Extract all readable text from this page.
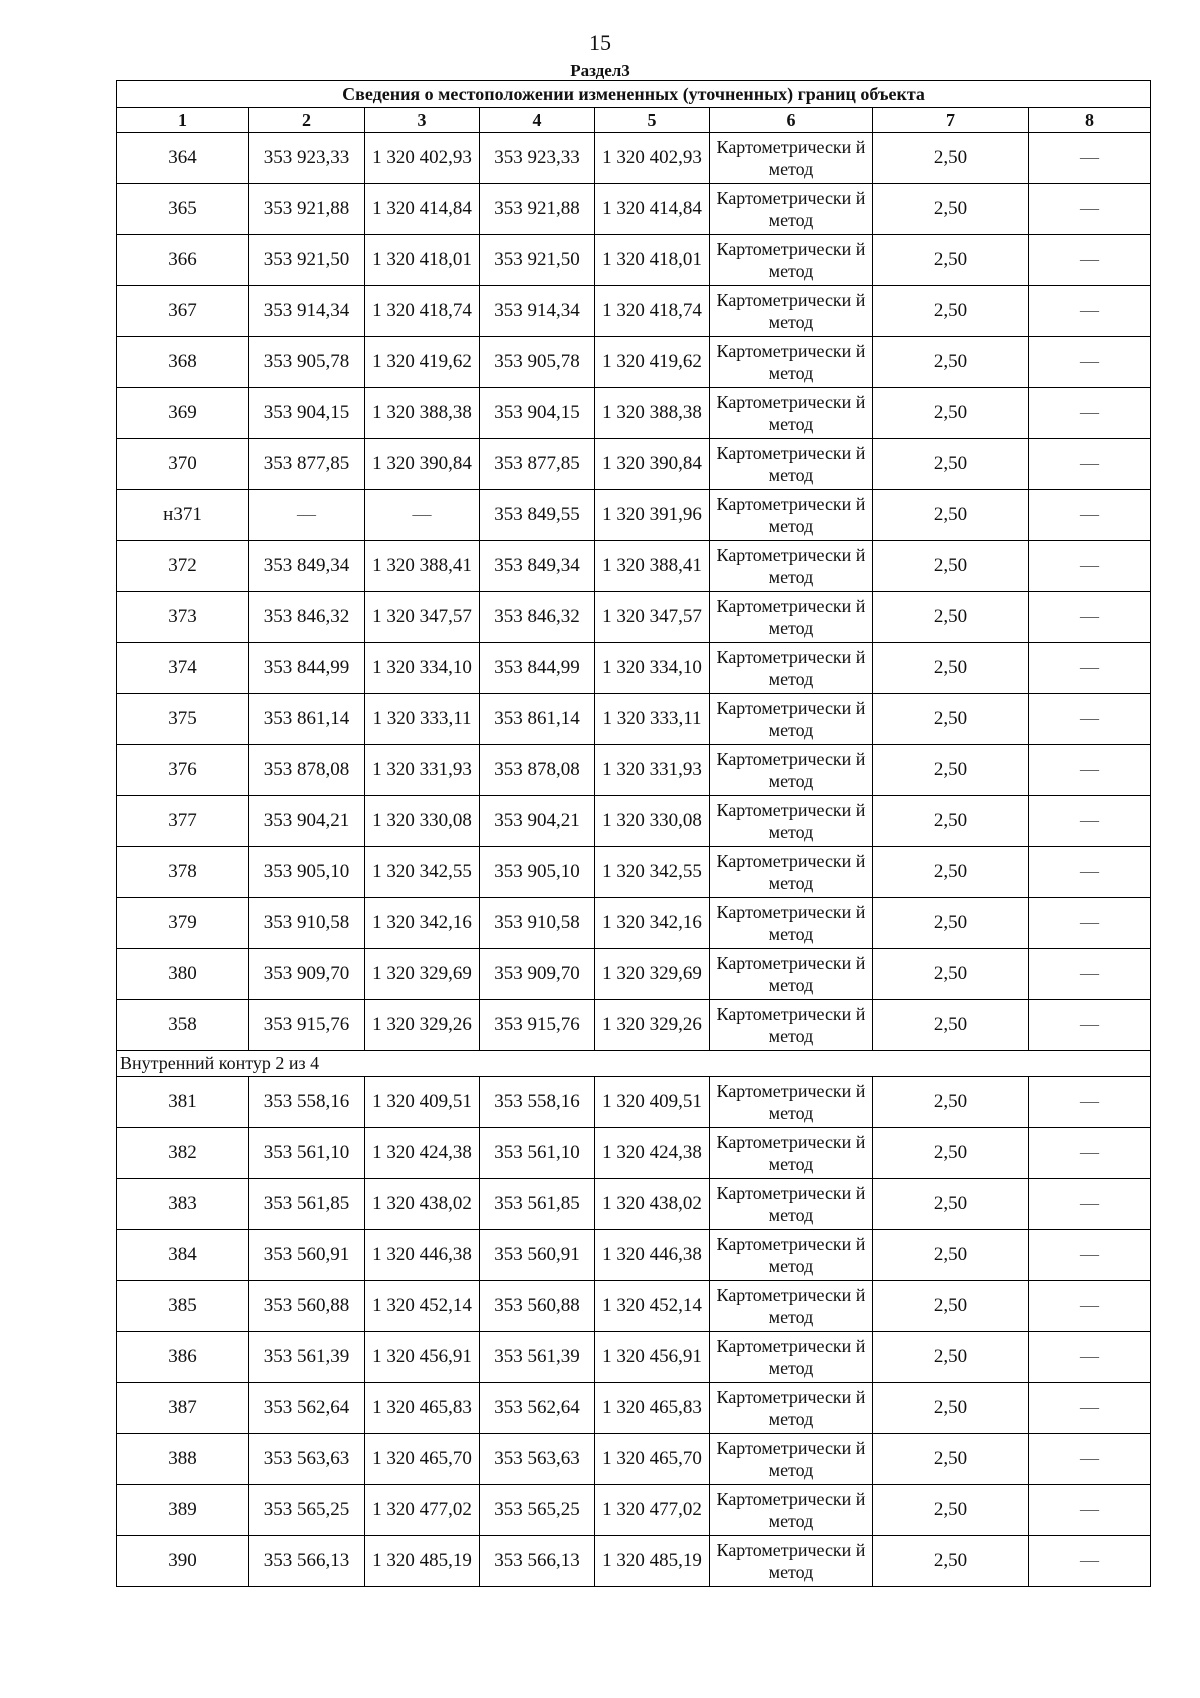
15
Раздел3
Сведения о местоположении измененных (уточненных) границ объекта							
1	2	3	4	5	6	7	8
364	353 923,33	1 320 402,93	353 923,33	1 320 402,93	Картометрически й метод	2,50	—
365	353 921,88	1 320 414,84	353 921,88	1 320 414,84	Картометрически й метод	2,50	—
366	353 921,50	1 320 418,01	353 921,50	1 320 418,01	Картометрически й метод	2,50	—
367	353 914,34	1 320 418,74	353 914,34	1 320 418,74	Картометрически й метод	2,50	—
368	353 905,78	1 320 419,62	353 905,78	1 320 419,62	Картометрически й метод	2,50	—
369	353 904,15	1 320 388,38	353 904,15	1 320 388,38	Картометрически й метод	2,50	—
370	353 877,85	1 320 390,84	353 877,85	1 320 390,84	Картометрически й метод	2,50	—
н371	—	—	353 849,55	1 320 391,96	Картометрически й метод	2,50	—
372	353 849,34	1 320 388,41	353 849,34	1 320 388,41	Картометрически й метод	2,50	—
373	353 846,32	1 320 347,57	353 846,32	1 320 347,57	Картометрически й метод	2,50	—
374	353 844,99	1 320 334,10	353 844,99	1 320 334,10	Картометрически й метод	2,50	—
375	353 861,14	1 320 333,11	353 861,14	1 320 333,11	Картометрически й метод	2,50	—
376	353 878,08	1 320 331,93	353 878,08	1 320 331,93	Картометрически й метод	2,50	—
377	353 904,21	1 320 330,08	353 904,21	1 320 330,08	Картометрически й метод	2,50	—
378	353 905,10	1 320 342,55	353 905,10	1 320 342,55	Картометрически й метод	2,50	—
379	353 910,58	1 320 342,16	353 910,58	1 320 342,16	Картометрически й метод	2,50	—
380	353 909,70	1 320 329,69	353 909,70	1 320 329,69	Картометрически й метод	2,50	—
358	353 915,76	1 320 329,26	353 915,76	1 320 329,26	Картометрически й метод	2,50	—
Внутренний контур 2 из 4							
381	353 558,16	1 320 409,51	353 558,16	1 320 409,51	Картометрически й метод	2,50	—
382	353 561,10	1 320 424,38	353 561,10	1 320 424,38	Картометрически й метод	2,50	—
383	353 561,85	1 320 438,02	353 561,85	1 320 438,02	Картометрически й метод	2,50	—
384	353 560,91	1 320 446,38	353 560,91	1 320 446,38	Картометрически й метод	2,50	—
385	353 560,88	1 320 452,14	353 560,88	1 320 452,14	Картометрически й метод	2,50	—
386	353 561,39	1 320 456,91	353 561,39	1 320 456,91	Картометрически й метод	2,50	—
387	353 562,64	1 320 465,83	353 562,64	1 320 465,83	Картометрически й метод	2,50	—
388	353 563,63	1 320 465,70	353 563,63	1 320 465,70	Картометрически й метод	2,50	—
389	353 565,25	1 320 477,02	353 565,25	1 320 477,02	Картометрически й метод	2,50	—
390	353 566,13	1 320 485,19	353 566,13	1 320 485,19	Картометрически й метод	2,50	—
